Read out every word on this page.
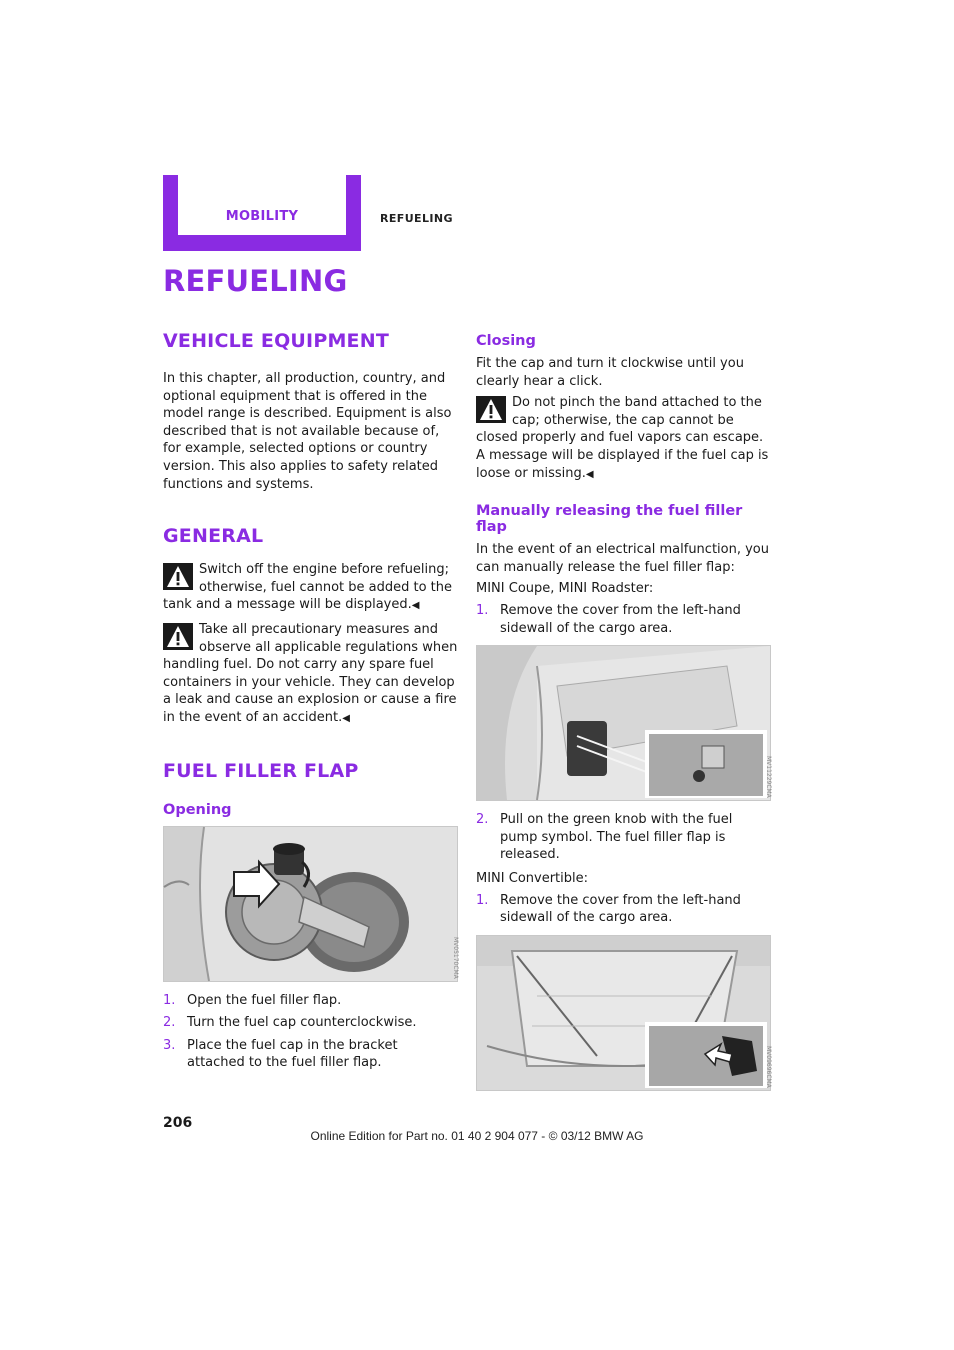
MOBILITY	REFUELING
REFUELING
VEHICLE EQUIPMENT

In this chapter, all production, country, and optional equipment that is offered in the model range is described. Equipment is also described that is not available because of, for example, selected options or country version. This also applies to safety related functions and systems.

GENERAL
Switch off the engine before refueling; otherwise, fuel cannot be added to the tank and a message will be displayed.◀
Take all precautionary measures and observe all applicable regulations when handling fuel. Do not carry any spare fuel containers in your vehicle. They can develop a leak and cause an explosion or cause a fire in the event of an accident.◀
FUEL FILLER FLAP
Opening
MV05170CMA
1. Open the fuel filler flap.
2. Turn the fuel cap counterclockwise.
3. Place the fuel cap in the bracket attached to the fuel filler flap.
Closing

Fit the cap and turn it clockwise until you clearly hear a click.

Do not pinch the band attached to the cap; otherwise, the cap cannot be closed properly and fuel vapors can escape. A message will be displayed if the fuel cap is loose or missing.◀
Manually releasing the fuel filler flap

In the event of an electrical malfunction, you can manually release the fuel filler flap:

MINI Coupe, MINI Roadster:

1. Remove the cover from the left-hand sidewall of the cargo area.
MV11229CMA
2. Pull on the green knob with the fuel pump symbol. The fuel filler flap is released.

MINI Convertible:

1. Remove the cover from the left-hand sidewall of the cargo area.
MV09696CMA
206
Online Edition for Part no. 01 40 2 904 077 - © 03/12 BMW AG
